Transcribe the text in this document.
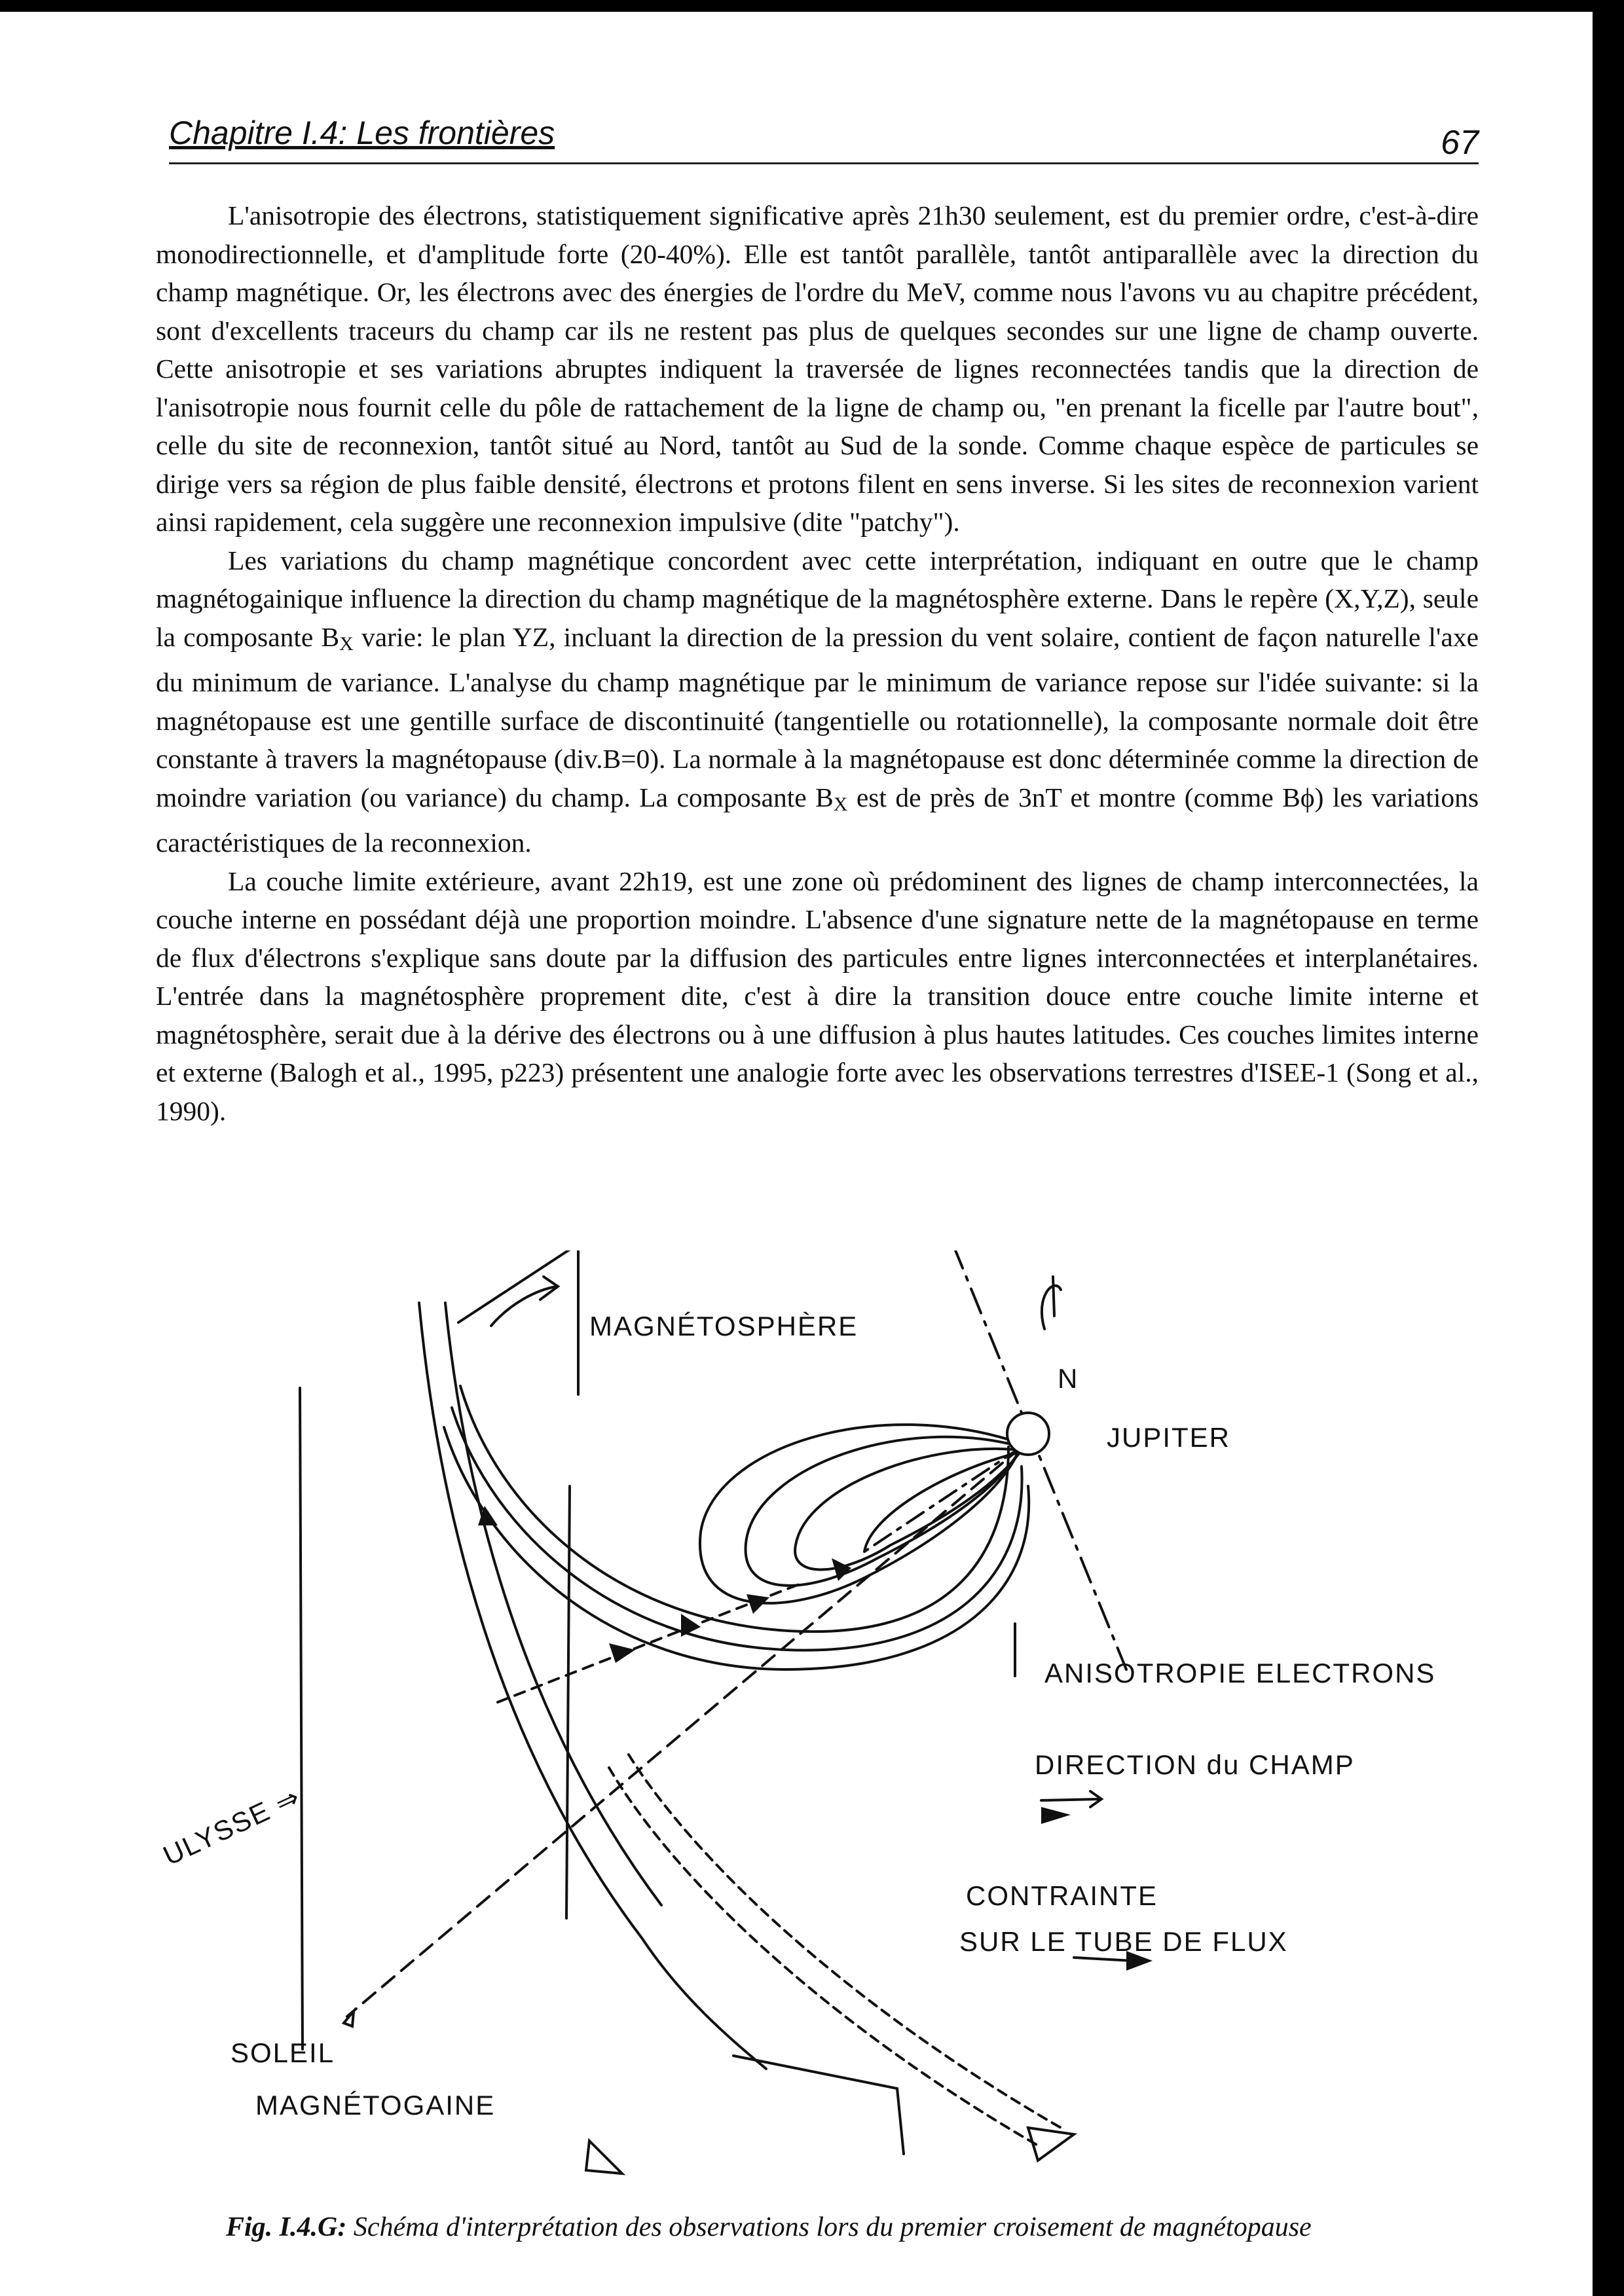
Chapitre I.4: Les frontières	67

L'anisotropie des électrons, statistiquement significative après 21h30 seulement, est du premier ordre, c'est-à-dire monodirectionnelle, et d'amplitude forte (20-40%). Elle est tantôt parallèle, tantôt antiparallèle avec la direction du champ magnétique. Or, les électrons avec des énergies de l'ordre du MeV, comme nous l'avons vu au chapitre précédent, sont d'excellents traceurs du champ car ils ne restent pas plus de quelques secondes sur une ligne de champ ouverte. Cette anisotropie et ses variations abruptes indiquent la traversée de lignes reconnectées tandis que la direction de l'anisotropie nous fournit celle du pôle de rattachement de la ligne de champ ou, "en prenant la ficelle par l'autre bout", celle du site de reconnexion, tantôt situé au Nord, tantôt au Sud de la sonde. Comme chaque espèce de particules se dirige vers sa région de plus faible densité, électrons et protons filent en sens inverse. Si les sites de reconnexion varient ainsi rapidement, cela suggère une reconnexion impulsive (dite "patchy").

Les variations du champ magnétique concordent avec cette interprétation, indiquant en outre que le champ magnétogainique influence la direction du champ magnétique de la magnétosphère externe. Dans le repère (X,Y,Z), seule la composante $B_X$ varie: le plan YZ, incluant la direction de la pression du vent solaire, contient de façon naturelle l'axe du minimum de variance. L'analyse du champ magnétique par le minimum de variance repose sur l'idée suivante: si la magnétopause est une gentille surface de discontinuité (tangentielle ou rotationnelle), la composante normale doit être constante à travers la magnétopause (div.B=0). La normale à la magnétopause est donc déterminée comme la direction de moindre variation (ou variance) du champ. La composante $B_X$ est de près de 3nT et montre (comme Bϕ) les variations caractéristiques de la reconnexion.

La couche limite extérieure, avant 22h19, est une zone où prédominent des lignes de champ interconnectées, la couche interne en possédant déjà une proportion moindre. L'absence d'une signature nette de la magnétopause en terme de flux d'électrons s'explique sans doute par la diffusion des particules entre lignes interconnectées et interplanétaires. L'entrée dans la magnétosphère proprement dite, c'est à dire la transition douce entre couche limite interne et magnétosphère, serait due à la dérive des électrons ou à une diffusion à plus hautes latitudes. Ces couches limites interne et externe (Balogh et al., 1995, p223) présentent une analogie forte avec les observations terrestres d'ISEE-1 (Song et al., 1990).

MAGNÉTOSPHÈRE
N
JUPITER
ANISOTROPIE ELECTRONS
DIRECTION du CHAMP
CONTRAINTE
SUR LE TUBE DE FLUX
ULYSSE ⇒
SOLEIL
MAGNÉTOGAINE
Fig. I.4.G: Schéma d'interprétation des observations lors du premier croisement de magnétopause
